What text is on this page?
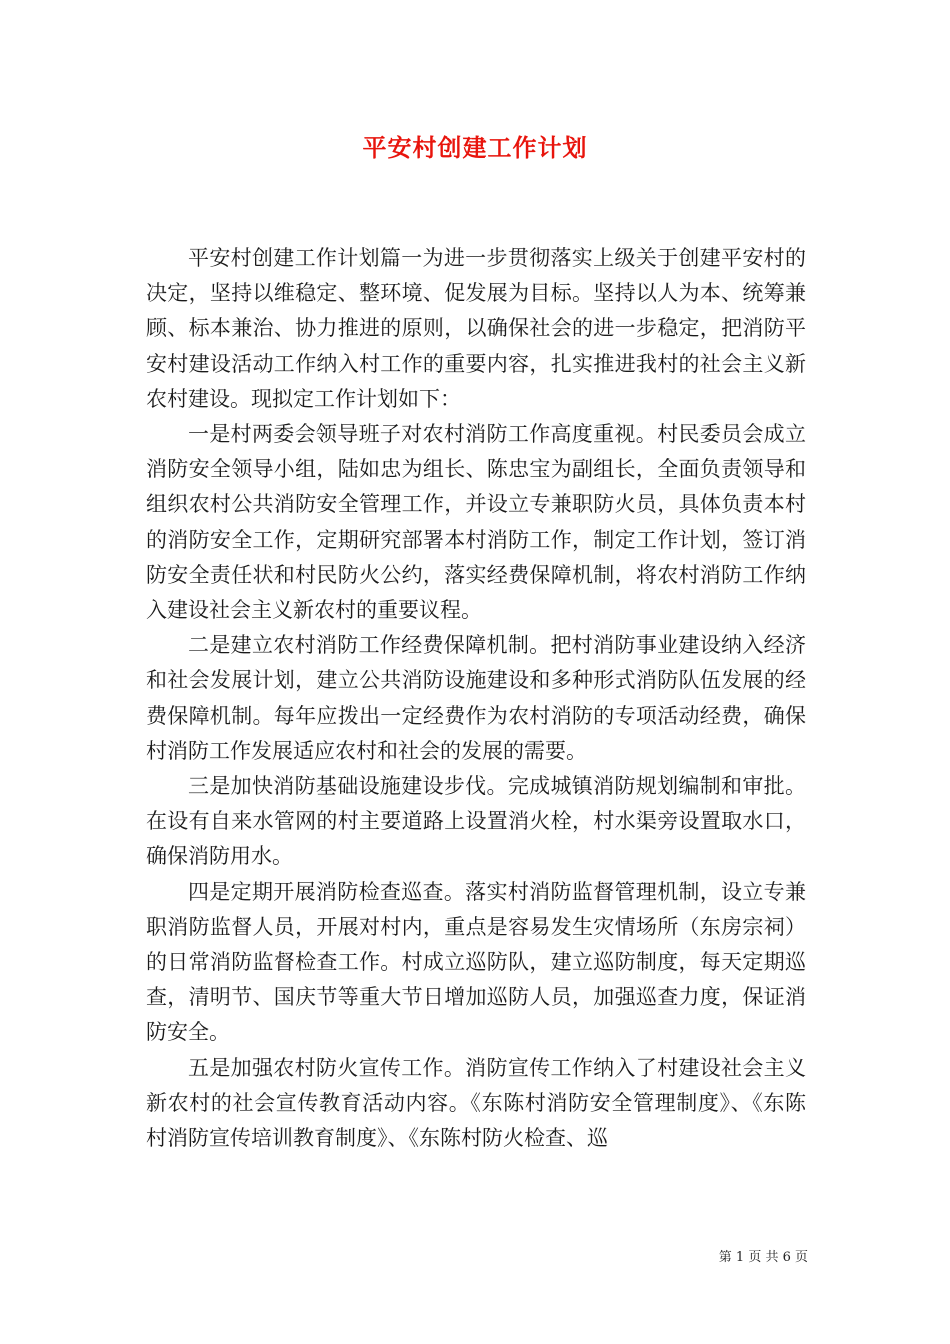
平安村创建工作计划

平安村创建工作计划篇一为进一步贯彻落实上级关于创建平安村的决定，坚持以维稳定、整环境、促发展为目标。坚持以人为本、统筹兼顾、标本兼治、协力推进的原则，以确保社会的进一步稳定，把消防平安村建设活动工作纳入村工作的重要内容，扎实推进我村的社会主义新农村建设。现拟定工作计划如下：

一是村两委会领导班子对农村消防工作高度重视。村民委员会成立消防安全领导小组，陆如忠为组长、陈忠宝为副组长，全面负责领导和组织农村公共消防安全管理工作，并设立专兼职防火员，具体负责本村的消防安全工作，定期研究部署本村消防工作，制定工作计划，签订消防安全责任状和村民防火公约，落实经费保障机制，将农村消防工作纳入建设社会主义新农村的重要议程。

二是建立农村消防工作经费保障机制。把村消防事业建设纳入经济和社会发展计划，建立公共消防设施建设和多种形式消防队伍发展的经费保障机制。每年应拨出一定经费作为农村消防的专项活动经费，确保村消防工作发展适应农村和社会的发展的需要。

三是加快消防基础设施建设步伐。完成城镇消防规划编制和审批。在设有自来水管网的村主要道路上设置消火栓，村水渠旁设置取水口，确保消防用水。

四是定期开展消防检查巡查。落实村消防监督管理机制，设立专兼职消防监督人员，开展对村内，重点是容易发生灾情场所（东房宗祠）的日常消防监督检查工作。村成立巡防队，建立巡防制度，每天定期巡查，清明节、国庆节等重大节日增加巡防人员，加强巡查力度，保证消防安全。

五是加强农村防火宣传工作。消防宣传工作纳入了村建设社会主义新农村的社会宣传教育活动内容。《东陈村消防安全管理制度》、《东陈村消防宣传培训教育制度》、《东陈村防火检查、巡

第 1 页 共 6 页
